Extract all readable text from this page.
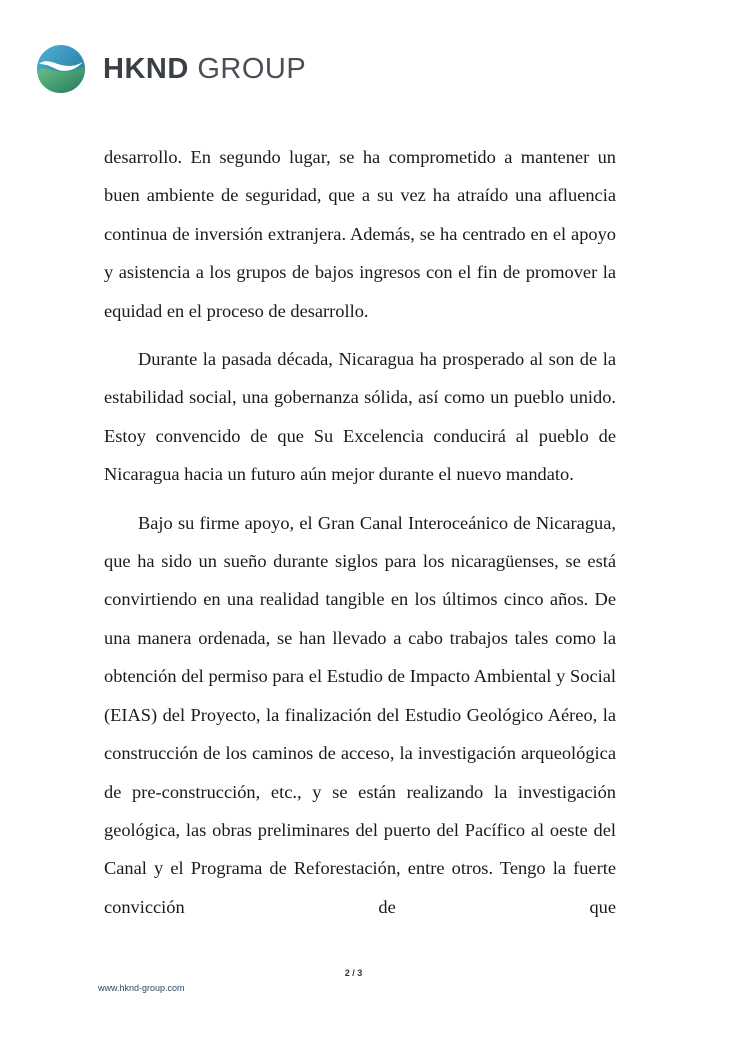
HKND GROUP

desarrollo. En segundo lugar, se ha comprometido a mantener un buen ambiente de seguridad, que a su vez ha atraído una afluencia continua de inversión extranjera. Además, se ha centrado en el apoyo y asistencia a los grupos de bajos ingresos con el fin de promover la equidad en el proceso de desarrollo.

Durante la pasada década, Nicaragua ha prosperado al son de la estabilidad social, una gobernanza sólida, así como un pueblo unido. Estoy convencido de que Su Excelencia conducirá al pueblo de Nicaragua hacia un futuro aún mejor durante el nuevo mandato.

Bajo su firme apoyo, el Gran Canal Interoceánico de Nicaragua, que ha sido un sueño durante siglos para los nicaragüenses, se está convirtiendo en una realidad tangible en los últimos cinco años. De una manera ordenada, se han llevado a cabo trabajos tales como la obtención del permiso para el Estudio de Impacto Ambiental y Social (EIAS) del Proyecto, la finalización del Estudio Geológico Aéreo, la construcción de los caminos de acceso, la investigación arqueológica de pre-construcción, etc., y se están realizando la investigación geológica, las obras preliminares del puerto del Pacífico al oeste del Canal y el Programa de Reforestación, entre otros. Tengo la fuerte convicción de que

2 / 3
www.hknd-group.com
